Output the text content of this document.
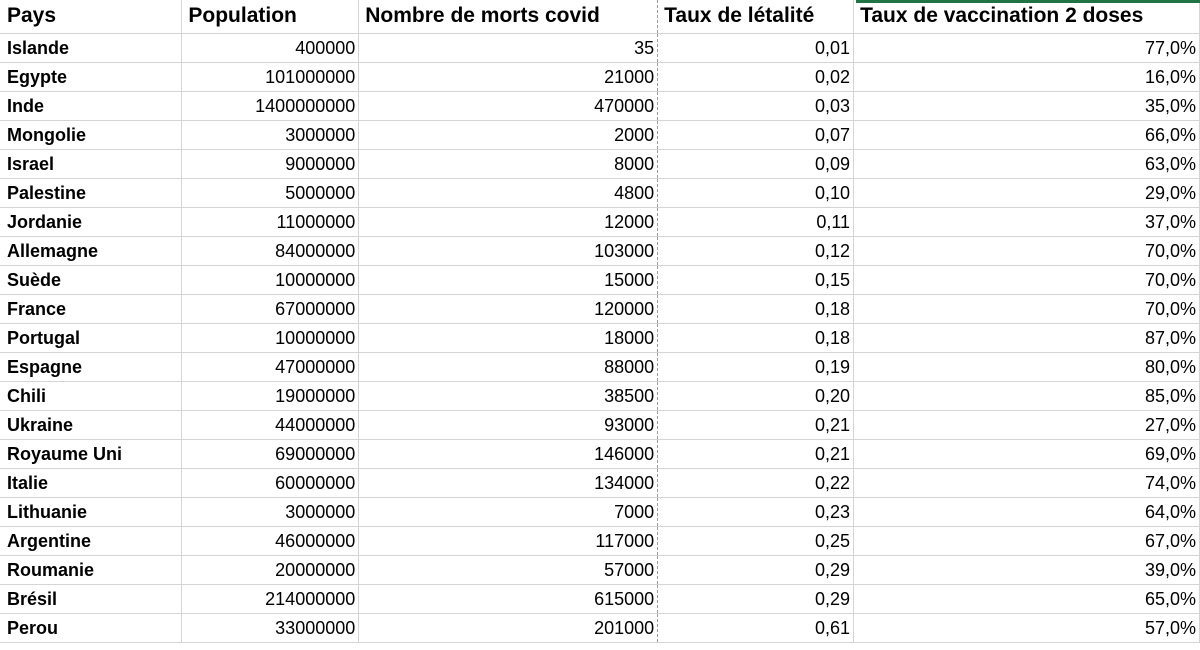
Pays	Population	Nombre de morts covid	Taux de létalité	Taux de vaccination 2 doses
Islande	400000	35	0,01	77,0%
Egypte	101000000	21000	0,02	16,0%
Inde	1400000000	470000	0,03	35,0%
Mongolie	3000000	2000	0,07	66,0%
Israel	9000000	8000	0,09	63,0%
Palestine	5000000	4800	0,10	29,0%
Jordanie	11000000	12000	0,11	37,0%
Allemagne	84000000	103000	0,12	70,0%
Suède	10000000	15000	0,15	70,0%
France	67000000	120000	0,18	70,0%
Portugal	10000000	18000	0,18	87,0%
Espagne	47000000	88000	0,19	80,0%
Chili	19000000	38500	0,20	85,0%
Ukraine	44000000	93000	0,21	27,0%
Royaume Uni	69000000	146000	0,21	69,0%
Italie	60000000	134000	0,22	74,0%
Lithuanie	3000000	7000	0,23	64,0%
Argentine	46000000	117000	0,25	67,0%
Roumanie	20000000	57000	0,29	39,0%
Brésil	214000000	615000	0,29	65,0%
Perou	33000000	201000	0,61	57,0%
